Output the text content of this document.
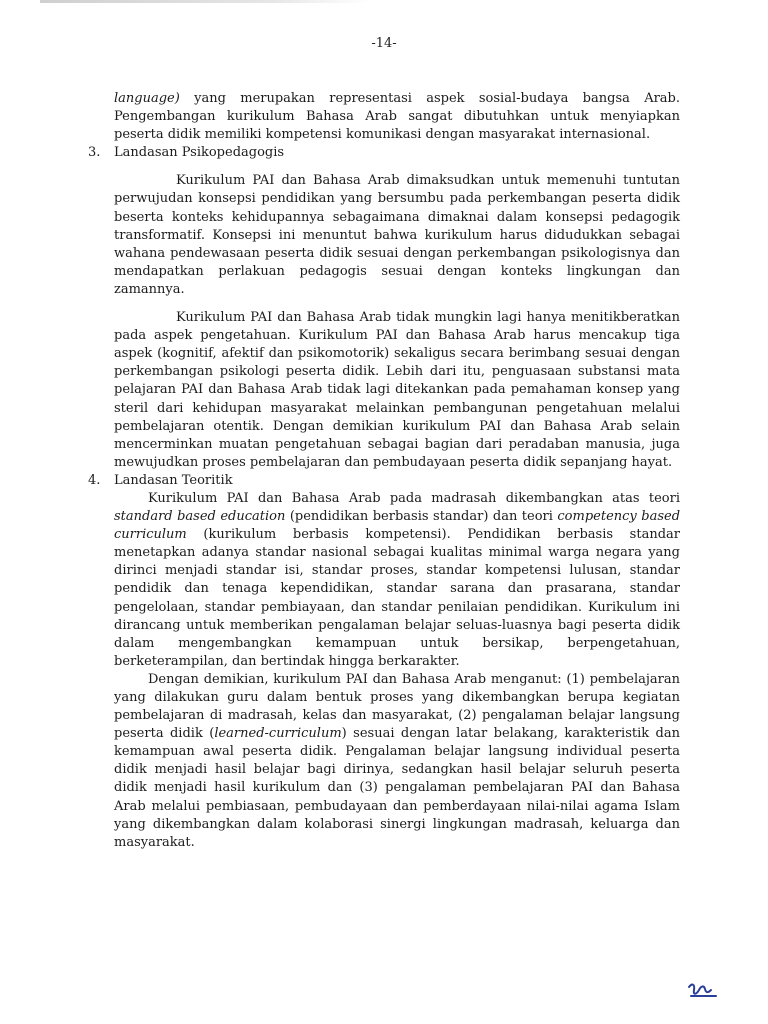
-14-

language) yang merupakan representasi aspek sosial-budaya bangsa Arab. Pengembangan kurikulum Bahasa Arab sangat dibutuhkan untuk menyiapkan peserta didik memiliki kompetensi komunikasi dengan masyarakat internasional.

3. Landasan Psikopedagogis

Kurikulum PAI dan Bahasa Arab dimaksudkan untuk memenuhi tuntutan perwujudan konsepsi pendidikan yang bersumbu pada perkembangan peserta didik beserta konteks kehidupannya sebagaimana dimaknai dalam konsepsi pedagogik transformatif. Konsepsi ini menuntut bahwa kurikulum harus didudukkan sebagai wahana pendewasaan peserta didik sesuai dengan perkembangan psikologisnya dan mendapatkan perlakuan pedagogis sesuai dengan konteks lingkungan dan zamannya.

Kurikulum PAI dan Bahasa Arab tidak mungkin lagi hanya menitikberatkan pada aspek pengetahuan. Kurikulum PAI dan Bahasa Arab harus mencakup tiga aspek (kognitif, afektif dan psikomotorik) sekaligus secara berimbang sesuai dengan perkembangan psikologi peserta didik. Lebih dari itu, penguasaan substansi mata pelajaran PAI dan Bahasa Arab tidak lagi ditekankan pada pemahaman konsep yang steril dari kehidupan masyarakat melainkan pembangunan pengetahuan melalui pembelajaran otentik. Dengan demikian kurikulum PAI dan Bahasa Arab selain mencerminkan muatan pengetahuan sebagai bagian dari peradaban manusia, juga mewujudkan proses pembelajaran dan pembudayaan peserta didik sepanjang hayat.

4. Landasan Teoritik

Kurikulum PAI dan Bahasa Arab pada madrasah dikembangkan atas teori standard based education (pendidikan berbasis standar) dan teori competency based curriculum (kurikulum berbasis kompetensi). Pendidikan berbasis standar menetapkan adanya standar nasional sebagai kualitas minimal warga negara yang dirinci menjadi standar isi, standar proses, standar kompetensi lulusan, standar pendidik dan tenaga kependidikan, standar sarana dan prasarana, standar pengelolaan, standar pembiayaan, dan standar penilaian pendidikan. Kurikulum ini dirancang untuk memberikan pengalaman belajar seluas-luasnya bagi peserta didik dalam mengembangkan kemampuan untuk bersikap, berpengetahuan, berketerampilan, dan bertindak hingga berkarakter.

Dengan demikian, kurikulum PAI dan Bahasa Arab menganut: (1) pembelajaran yang dilakukan guru dalam bentuk proses yang dikembangkan berupa kegiatan pembelajaran di madrasah, kelas dan masyarakat, (2) pengalaman belajar langsung peserta didik (learned-curriculum) sesuai dengan latar belakang, karakteristik dan kemampuan awal peserta didik. Pengalaman belajar langsung individual peserta didik menjadi hasil belajar bagi dirinya, sedangkan hasil belajar seluruh peserta didik menjadi hasil kurikulum dan (3) pengalaman pembelajaran PAI dan Bahasa Arab melalui pembiasaan, pembudayaan dan pemberdayaan nilai-nilai agama Islam yang dikembangkan dalam kolaborasi sinergi lingkungan madrasah, keluarga dan masyarakat.
